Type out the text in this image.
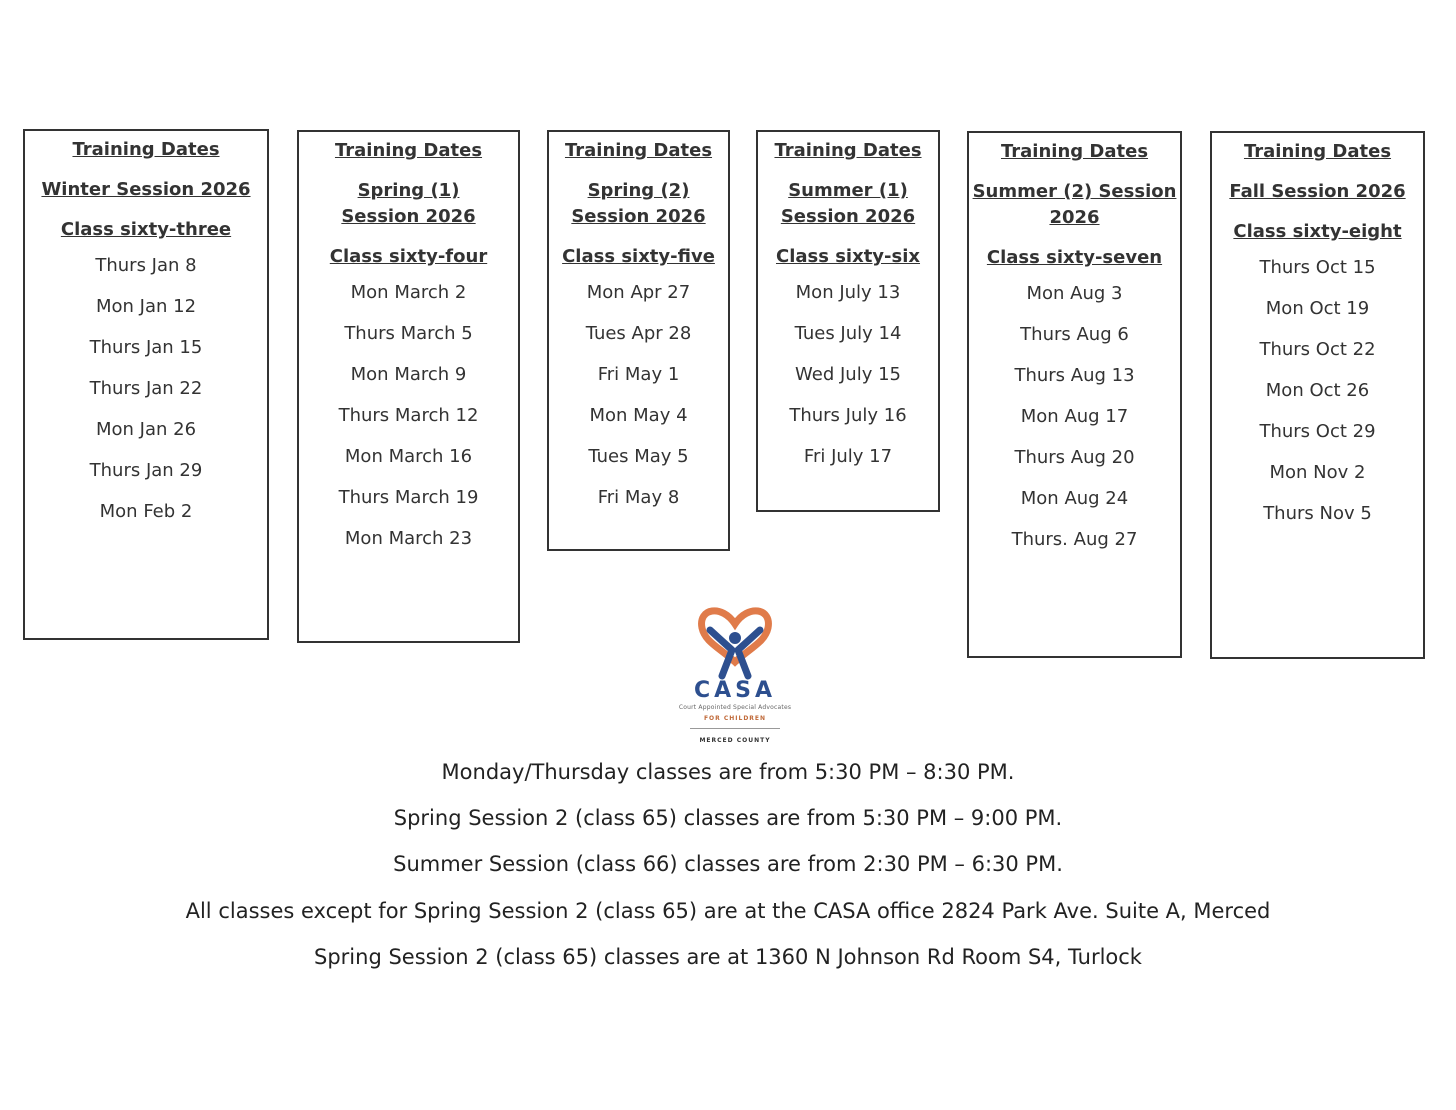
Training Dates
Winter Session 2026
Class sixty-three
Thurs Jan 8
Mon Jan 12
Thurs Jan 15
Thurs Jan 22
Mon Jan 26
Thurs Jan 29
Mon Feb 2
Training Dates
Spring (1)
Session 2026
Class sixty-four
Mon March 2
Thurs March 5
Mon March 9
Thurs March 12
Mon March 16
Thurs March 19
Mon March 23
Training Dates
Spring (2)
Session 2026
Class sixty-five
Mon Apr 27
Tues Apr 28
Fri May 1
Mon May 4
Tues May 5
Fri May 8
Training Dates
Summer (1)
Session 2026
Class sixty-six
Mon July 13
Tues July 14
Wed July 15
Thurs July 16
Fri July 17
Training Dates
Summer (2) Session
2026
Class sixty-seven
Mon Aug 3
Thurs Aug 6
Thurs Aug 13
Mon Aug 17
Thurs Aug 20
Mon Aug 24
Thurs. Aug 27
Training Dates
Fall Session 2026
Class sixty-eight
Thurs Oct 15
Mon Oct 19
Thurs Oct 22
Mon Oct 26
Thurs Oct 29
Mon Nov 2
Thurs Nov 5
CASA
Court Appointed Special Advocates
FOR CHILDREN
MERCED COUNTY
Monday/Thursday classes are from 5:30 PM – 8:30 PM.
Spring Session 2 (class 65) classes are from 5:30 PM – 9:00 PM.
Summer Session (class 66) classes are from 2:30 PM – 6:30 PM.
All classes except for Spring Session 2 (class 65) are at the CASA office 2824 Park Ave. Suite A, Merced
Spring Session 2 (class 65) classes are at 1360 N Johnson Rd Room S4, Turlock
